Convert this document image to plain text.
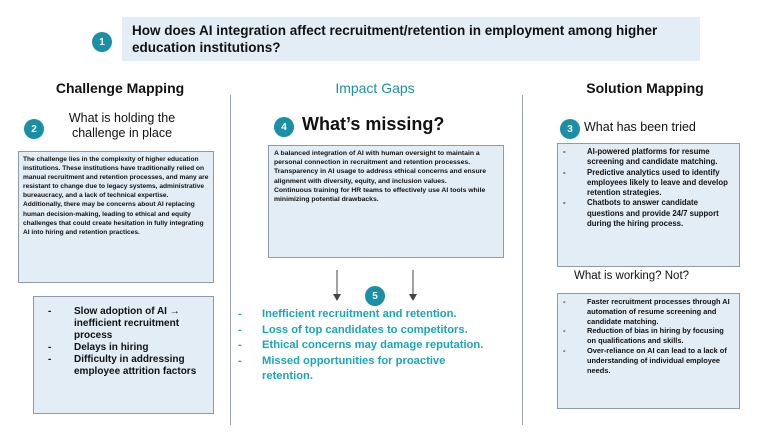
1
How does AI integration affect recruitment/retention in employment among higher education institutions?
Challenge Mapping	Impact Gaps	Solution Mapping
2
What is holding the challenge in place
The challenge lies in the complexity of higher education institutions. These institutions have traditionally relied on manual recruitment and retention processes, and many are resistant to change due to legacy systems, administrative bureaucracy, and a lack of technical expertise. Additionally, there may be concerns about AI replacing human decision-making, leading to ethical and equity challenges that could create hesitation in fully integrating AI into hiring and retention practices.
- Slow adoption of AI → inefficient recruitment process
- Delays in hiring
- Difficulty in addressing employee attrition factors
4 What’s missing?
A balanced integration of AI with human oversight to maintain a personal connection in recruitment and retention processes.
Transparency in AI usage to address ethical concerns and ensure alignment with diversity, equity, and inclusion values.
Continuous training for HR teams to effectively use AI tools while minimizing potential drawbacks.
5
- Inefficient recruitment and retention.
- Loss of top candidates to competitors.
- Ethical concerns may damage reputation.
- Missed opportunities for proactive retention.
3 What has been tried
-	AI-powered platforms for resume screening and candidate matching.
-	Predictive analytics used to identify employees likely to leave and develop retention strategies.
-	Chatbots to answer candidate questions and provide 24/7 support during the hiring process.
What is working? Not?
-	Faster recruitment processes through AI automation of resume screening and candidate matching.
-	Reduction of bias in hiring by focusing on qualifications and skills.
-	Over-reliance on AI can lead to a lack of understanding of individual employee needs.
